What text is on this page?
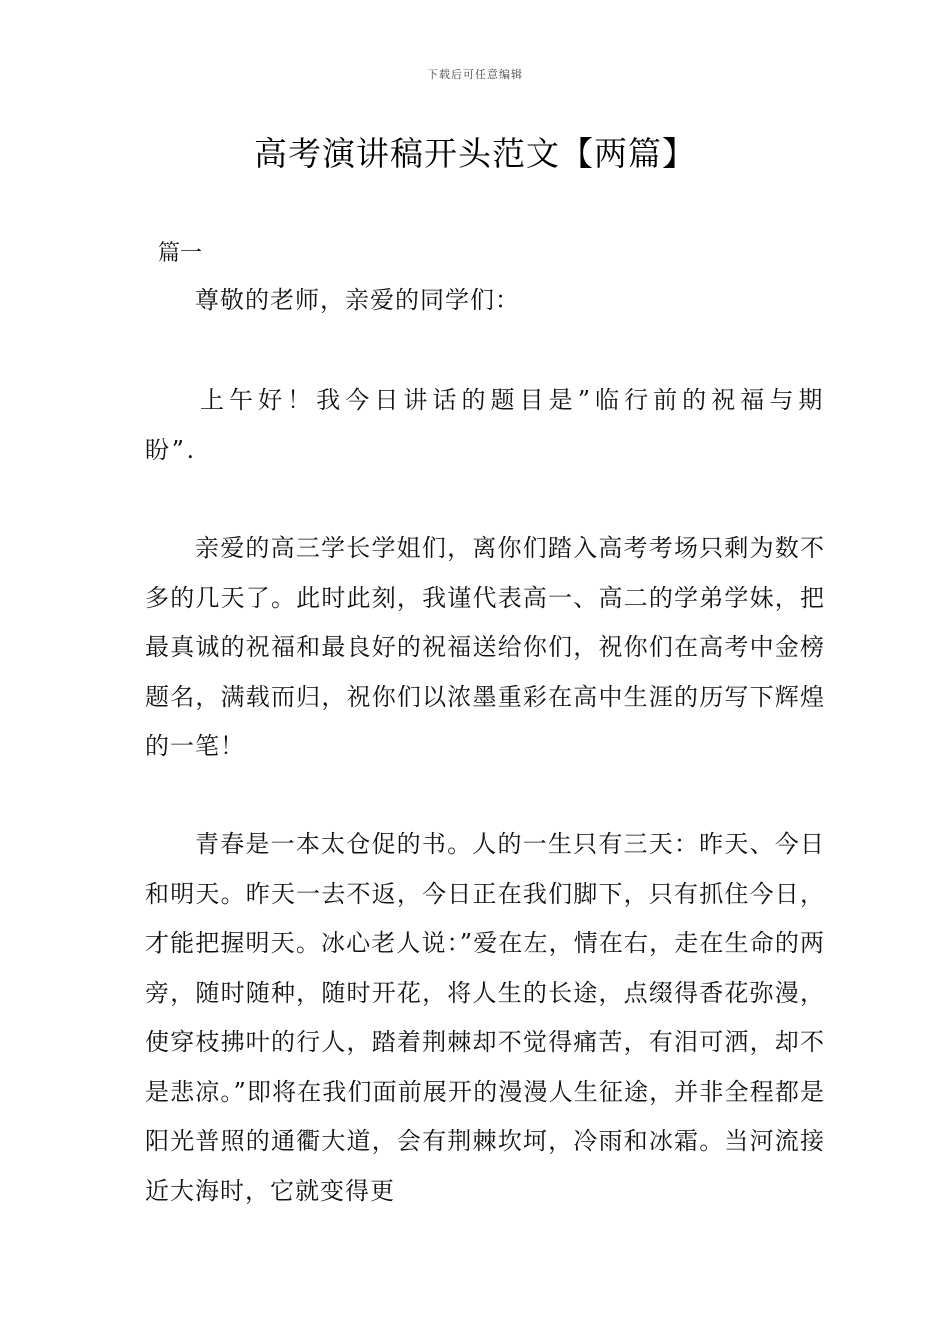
下载后可任意编辑
高考演讲稿开头范文【两篇】

篇一

尊敬的老师，亲爱的同学们：

上午好！我今日讲话的题目是”临行前的祝福与期盼”.

亲爱的高三学长学姐们，离你们踏入高考考场只剩为数不多的几天了。此时此刻，我谨代表高一、高二的学弟学妹，把最真诚的祝福和最良好的祝福送给你们，祝你们在高考中金榜题名，满载而归，祝你们以浓墨重彩在高中生涯的历写下辉煌的一笔！

青春是一本太仓促的书。人的一生只有三天：昨天、今日和明天。昨天一去不返，今日正在我们脚下，只有抓住今日，才能把握明天。冰心老人说：”爱在左，情在右，走在生命的两旁，随时随种，随时开花，将人生的长途，点缀得香花弥漫，使穿枝拂叶的行人，踏着荆棘却不觉得痛苦，有泪可洒，却不是悲凉。”即将在我们面前展开的漫漫人生征途，并非全程都是阳光普照的通衢大道，会有荆棘坎坷，冷雨和冰霜。当河流接近大海时，它就变得更
